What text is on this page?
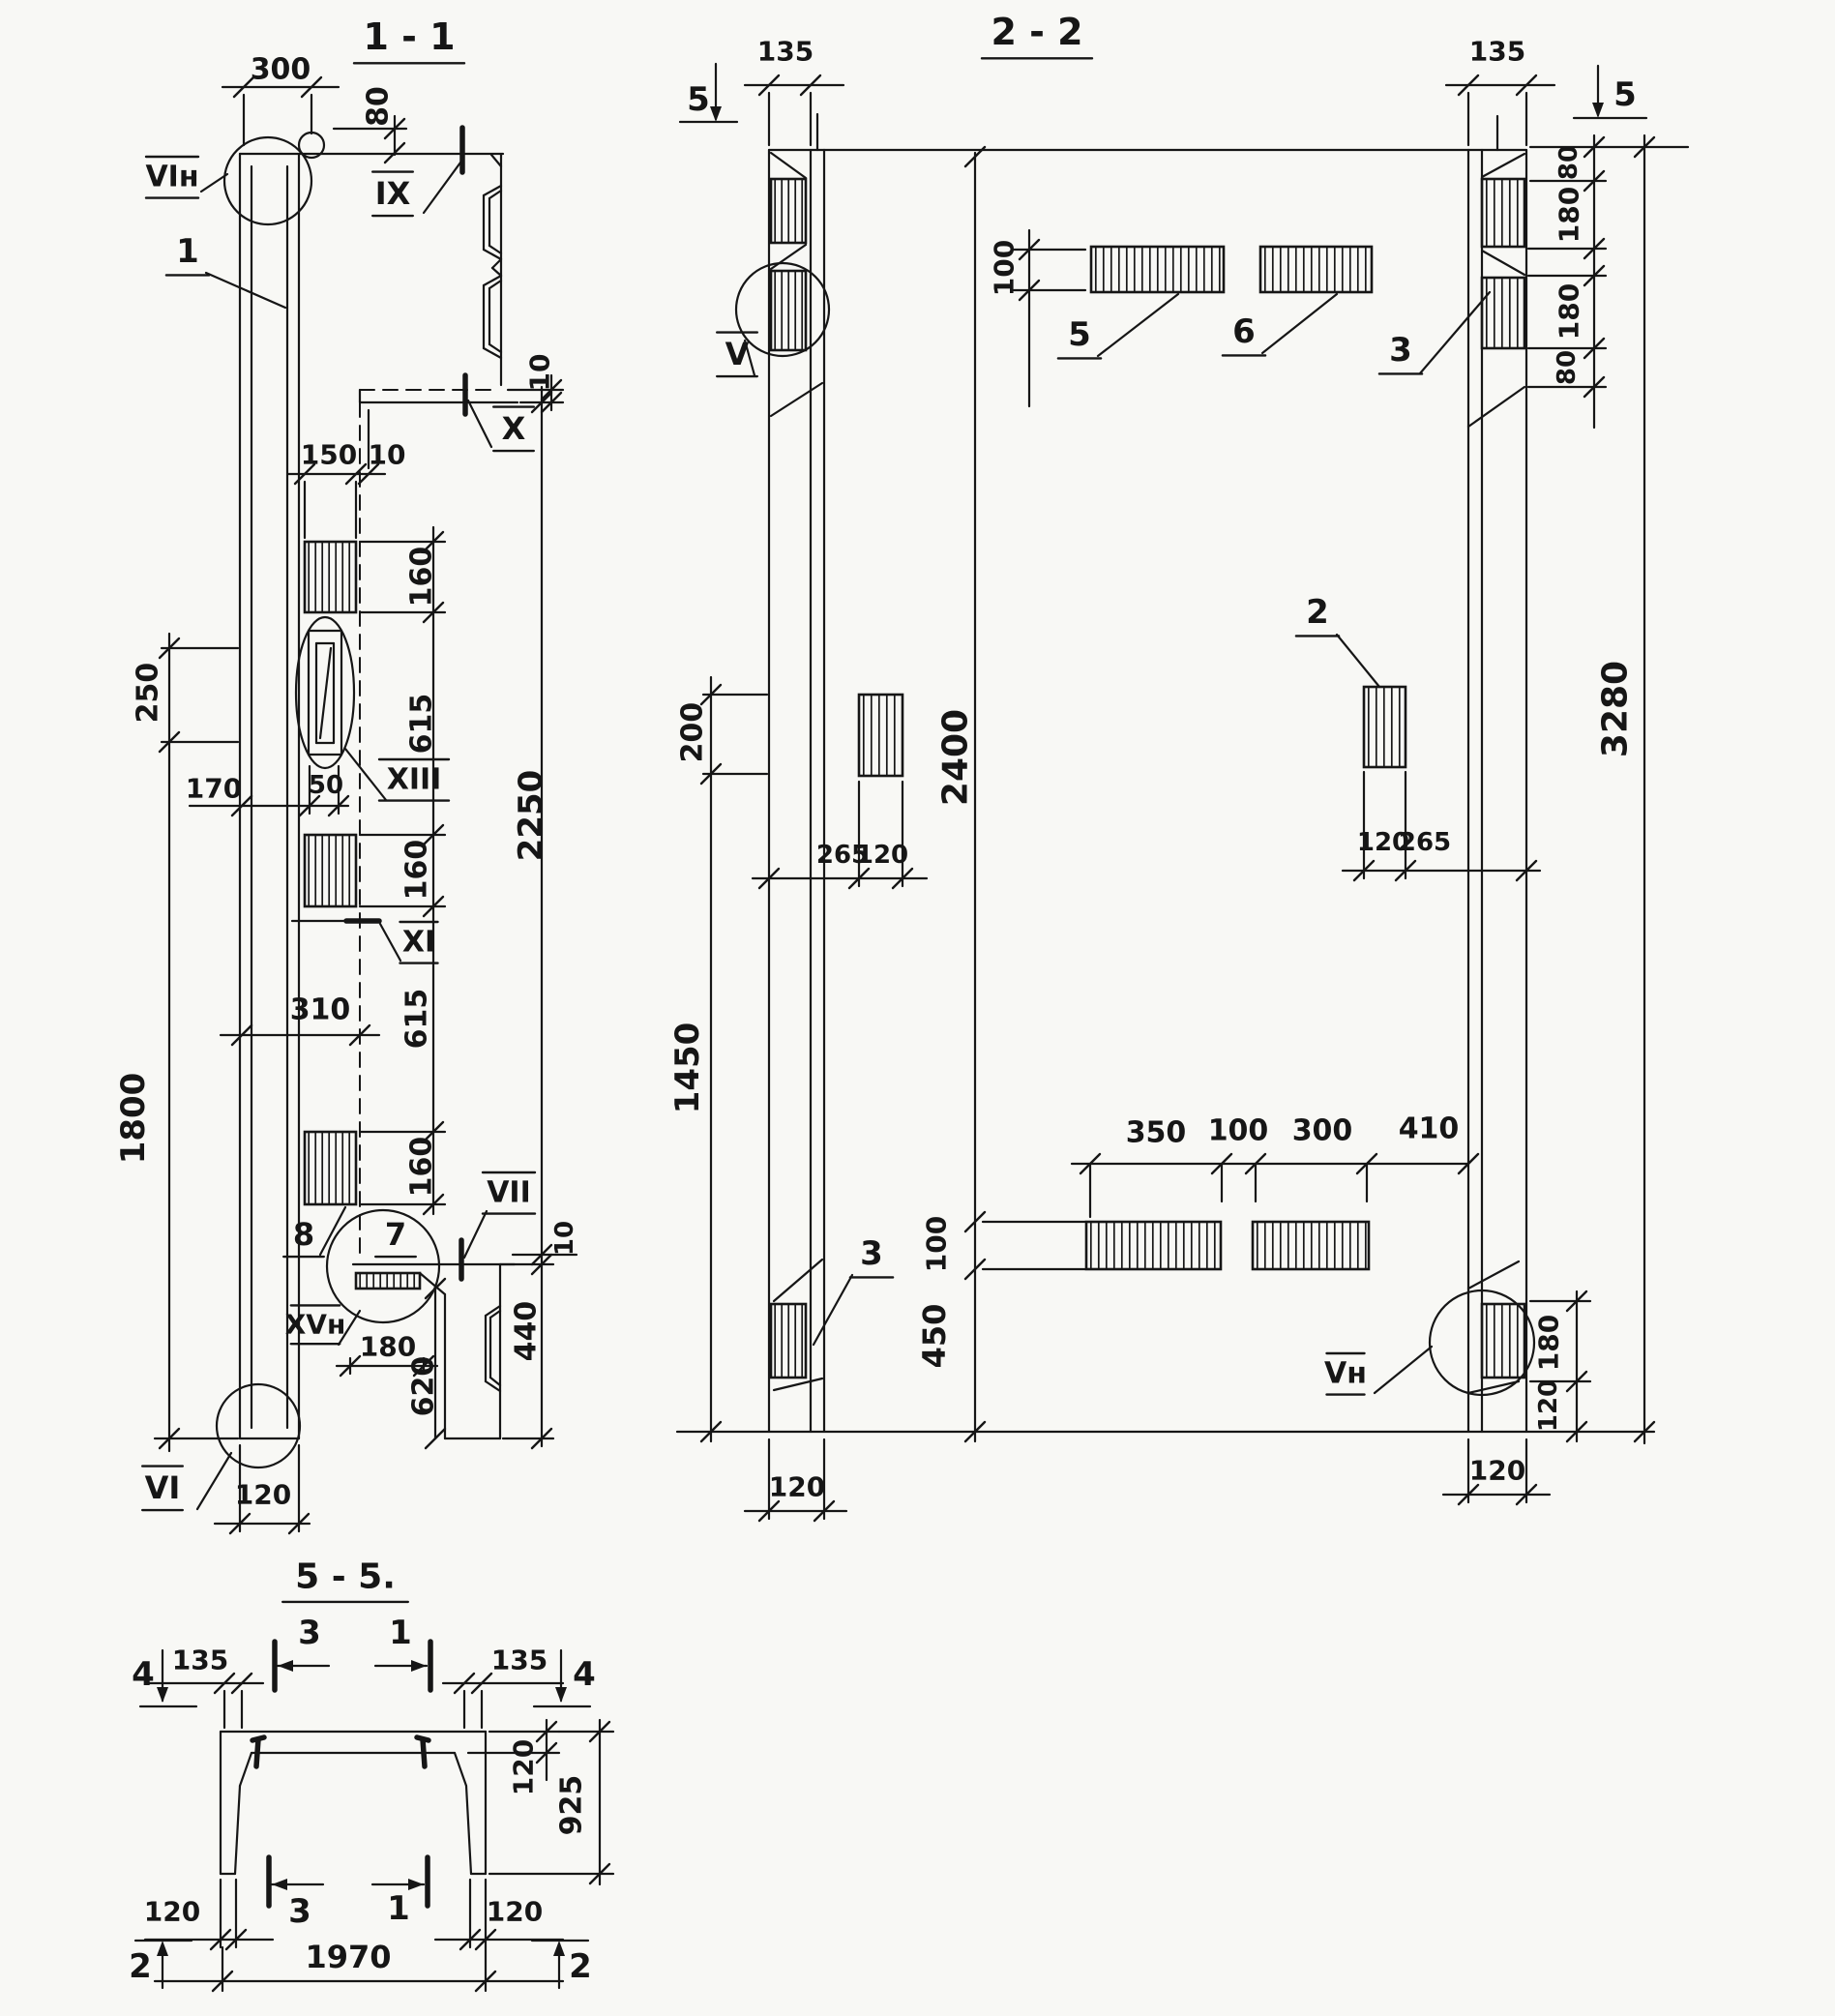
1 - 1
300
80
VIн	IX
1
10
X
150 10
160
250
615
XIII
170	50
160
XI
310 615
1800
160 VII
8 7	10
2250
XVн
180
620
440
VI 120
2 - 2
5
135	135
5
80
180
100
5	6	3
180
80
V
200	2400	3280
2
265
120	120
265
1450
350 100 300 410
100
3
450
Vн
180
120
120
120
5 - 5.
3 1
4 135	135 4
120
925
120	3 1	120
1970
2	2
